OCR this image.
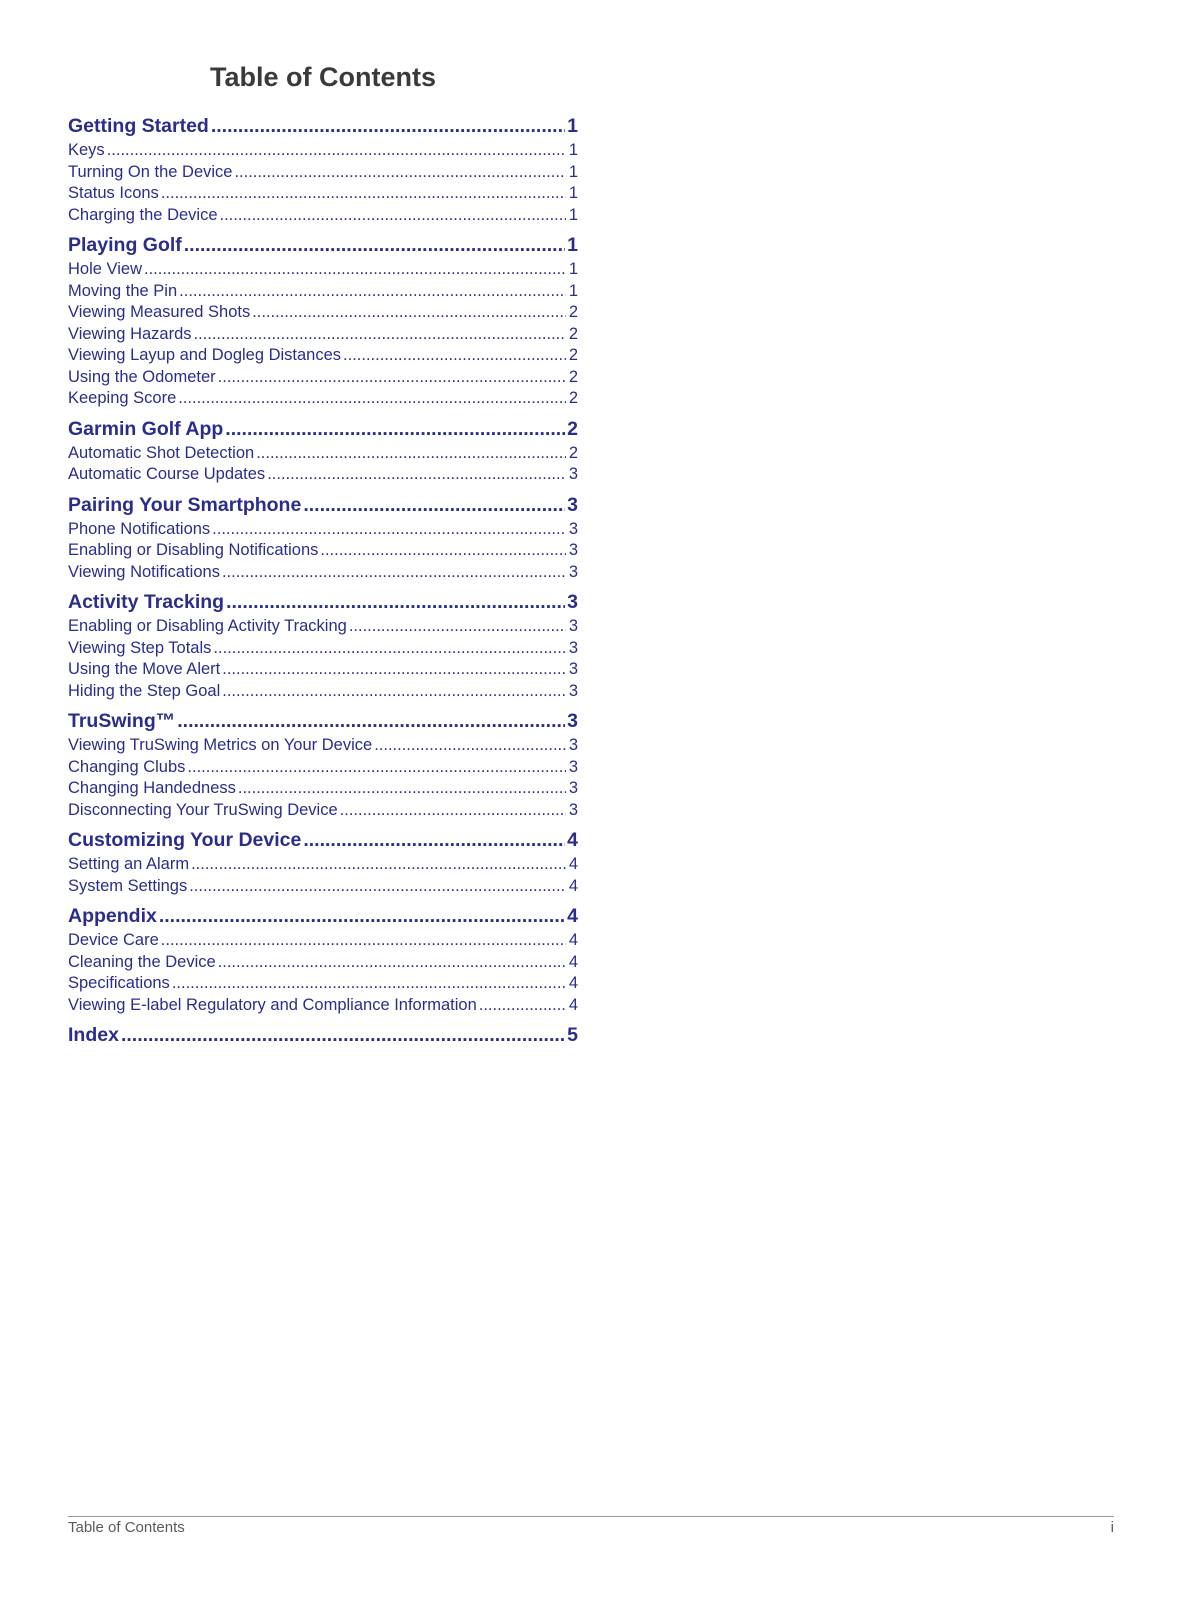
Table of Contents
Getting Started .....	1
Keys .....	1
Turning On the Device .....	1
Status Icons .....	1
Charging the Device .....	1
Playing Golf .....	1
Hole View .....	1
Moving the Pin .....	1
Viewing Measured Shots .....	2
Viewing Hazards .....	2
Viewing Layup and Dogleg Distances .....	2
Using the Odometer .....	2
Keeping Score .....	2
Garmin Golf App .....	2
Automatic Shot Detection .....	2
Automatic Course Updates .....	3
Pairing Your Smartphone .....	3
Phone Notifications .....	3
Enabling or Disabling Notifications .....	3
Viewing Notifications .....	3
Activity Tracking .....	3
Enabling or Disabling Activity Tracking .....	3
Viewing Step Totals .....	3
Using the Move Alert .....	3
Hiding the Step Goal .....	3
TruSwing™ .....	3
Viewing TruSwing Metrics on Your Device .....	3
Changing Clubs .....	3
Changing Handedness .....	3
Disconnecting Your TruSwing Device .....	3
Customizing Your Device .....	4
Setting an Alarm .....	4
System Settings .....	4
Appendix .....	4
Device Care .....	4
Cleaning the Device .....	4
Specifications .....	4
Viewing E-label Regulatory and Compliance Information .....	4
Index .....	5
Table of Contents	i
